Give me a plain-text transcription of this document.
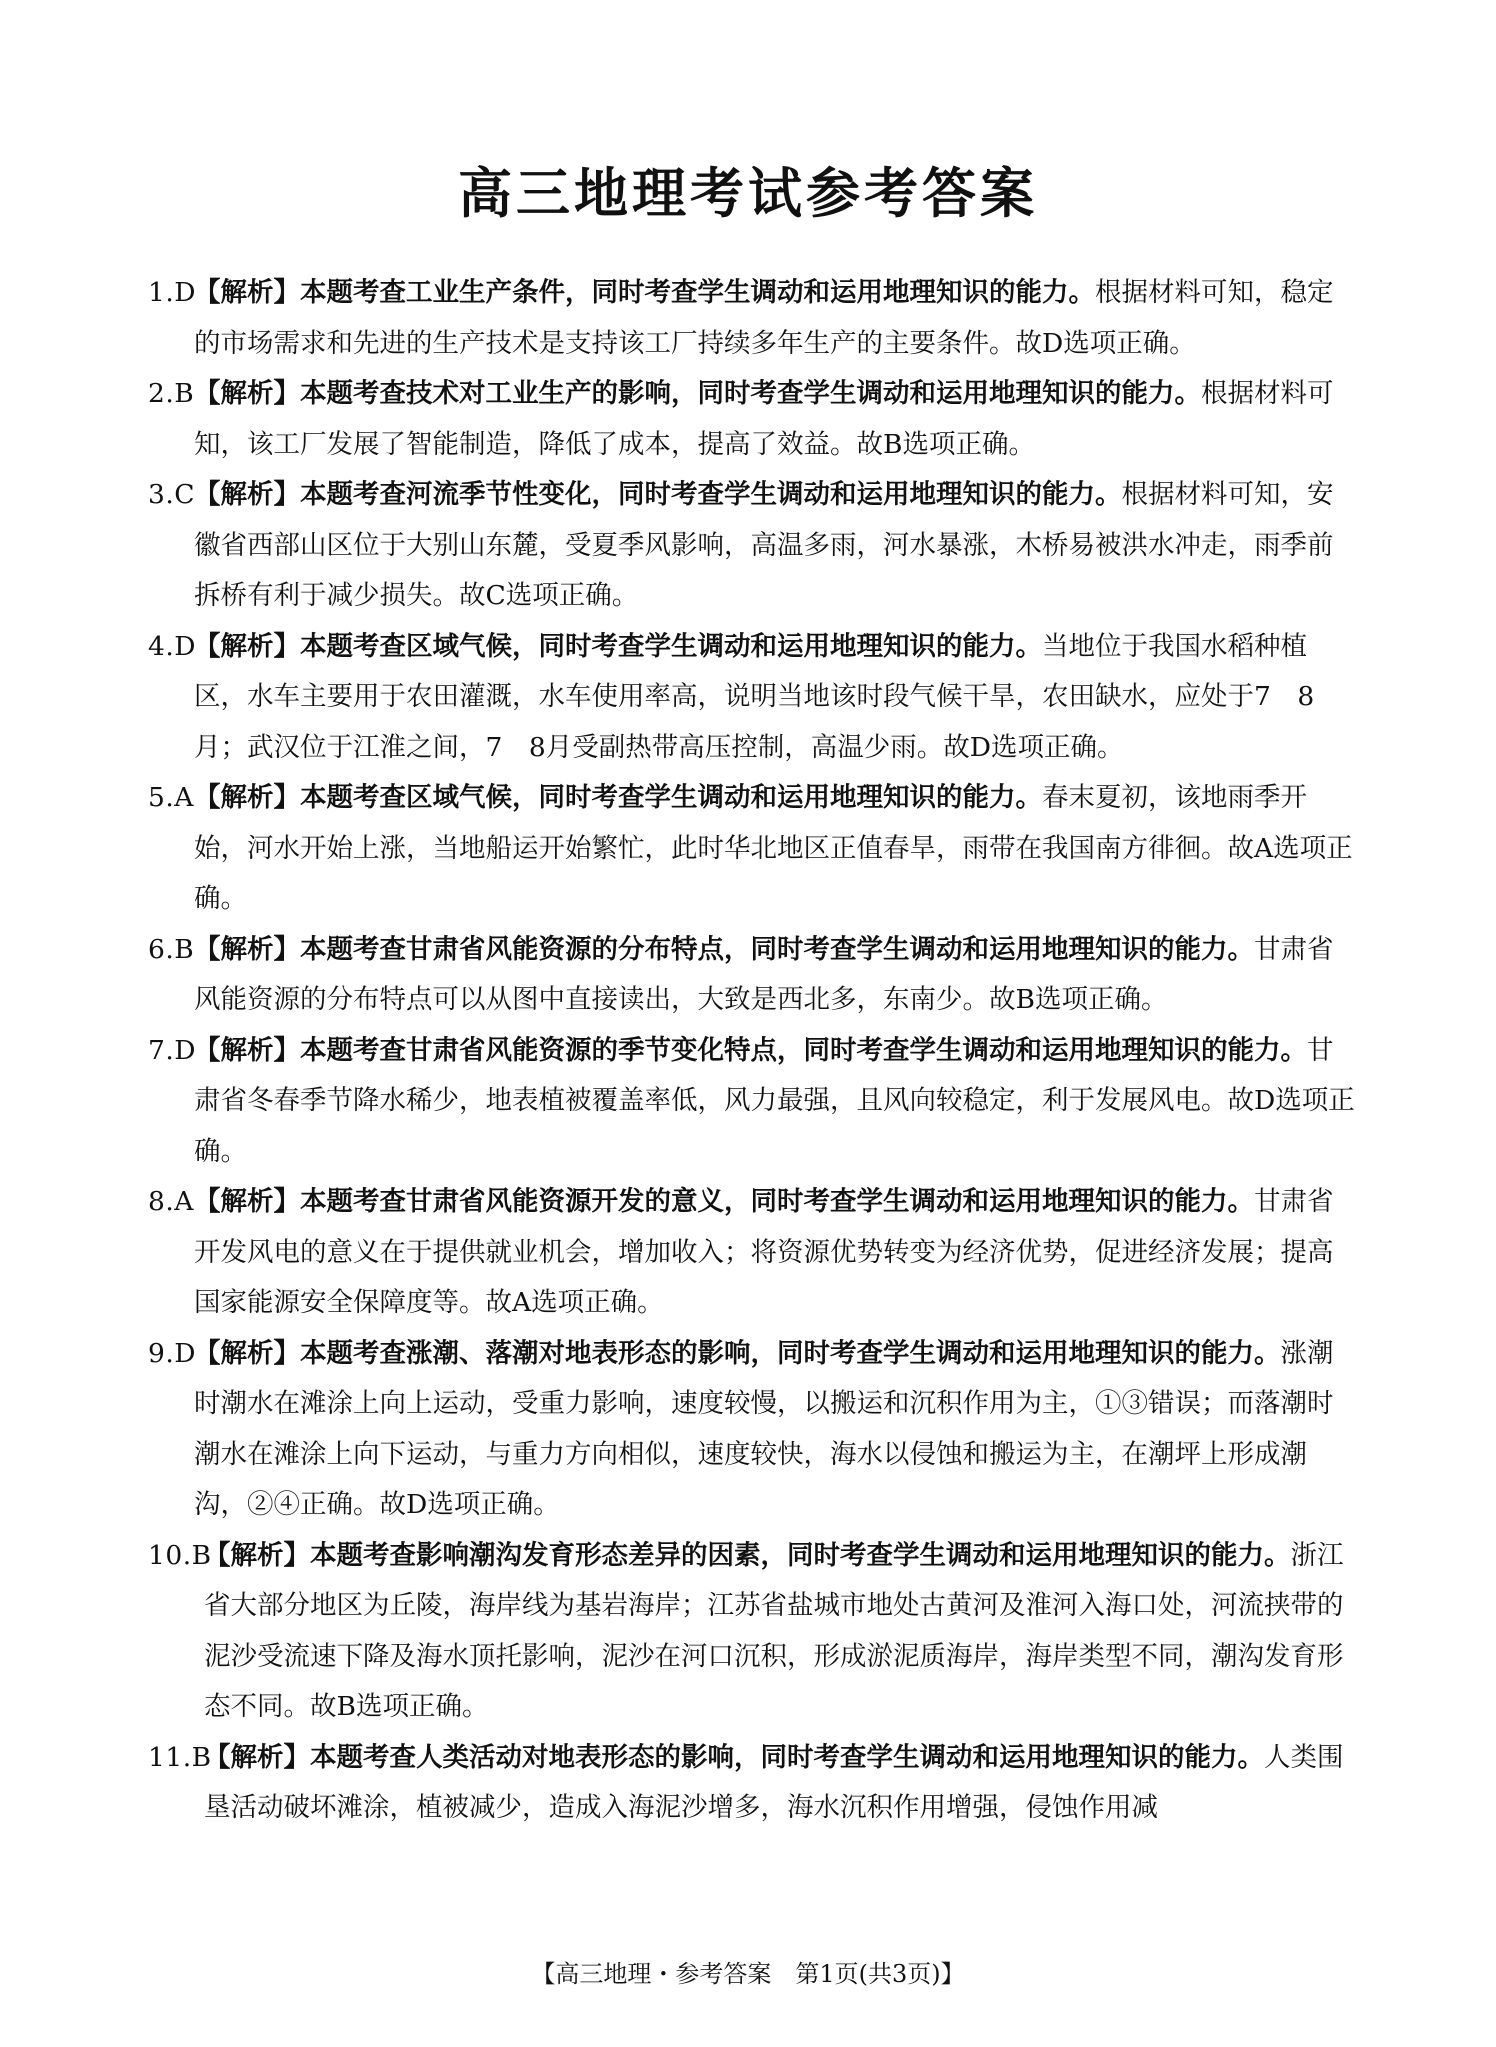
高三地理考试参考答案
1.D
【解析】本题考查工业生产条件，同时考查学生调动和运用地理知识的能力。根据材料可知，稳定的市场需求和先进的生产技术是支持该工厂持续多年生产的主要条件。故D选项正确。
2.B 【解析】本题考查技术对工业生产的影响，同时考查学生调动和运用地理知识的能力。根据材料可知，该工厂发展了智能制造，降低了成本，提高了效益。故B选项正确。
3.C
【解析】本题考查河流季节性变化，同时考查学生调动和运用地理知识的能力。根据材料可知，安徽省西部山区位于大别山东麓，受夏季风影响，高温多雨，河水暴涨，木桥易被洪水冲走，雨季前拆桥有利于减少损失。故C选项正确。
4.D
【解析】本题考查区域气候，同时考查学生调动和运用地理知识的能力。当地位于我国水稻种植区，水车主要用于农田灌溉，水车使用率高，说明当地该时段气候干旱，农田缺水，应处于7　8月；武汉位于江淮之间，7　8月受副热带高压控制，高温少雨。故D选项正确。
5.A 【解析】本题考查区域气候，同时考查学生调动和运用地理知识的能力。春末夏初，该地雨季开始，河水开始上涨，当地船运开始繁忙，此时华北地区正值春旱，雨带在我国南方徘徊。故A选项正确。
6.B 【解析】本题考查甘肃省风能资源的分布特点，同时考查学生调动和运用地理知识的能力。甘肃省风能资源的分布特点可以从图中直接读出，大致是西北多，东南少。故B选项正确。
7.D
【解析】本题考查甘肃省风能资源的季节变化特点，同时考查学生调动和运用地理知识的能力。甘肃省冬春季节降水稀少，地表植被覆盖率低，风力最强，且风向较稳定，利于发展风电。故D选项正确。
8.A 【解析】本题考查甘肃省风能资源开发的意义，同时考查学生调动和运用地理知识的能力。甘肃省开发风电的意义在于提供就业机会，增加收入；将资源优势转变为经济优势，促进经济发展；提高国家能源安全保障度等。故A选项正确。
9.D
【解析】本题考查涨潮、落潮对地表形态的影响，同时考查学生调动和运用地理知识的能力。涨潮时潮水在滩涂上向上运动，受重力影响，速度较慢，以搬运和沉积作用为主，①③错误；而落潮时潮水在滩涂上向下运动，与重力方向相似，速度较快，海水以侵蚀和搬运为主，在潮坪上形成潮沟，②④正确。故D选项正确。
10.B
【解析】本题考查影响潮沟发育形态差异的因素，同时考查学生调动和运用地理知识的能力。浙江省大部分地区为丘陵，海岸线为基岩海岸；江苏省盐城市地处古黄河及淮河入海口处，河流挟带的泥沙受流速下降及海水顶托影响，泥沙在河口沉积，形成淤泥质海岸，海岸类型不同，潮沟发育形态不同。故B选项正确。
11.B
【解析】本题考查人类活动对地表形态的影响，同时考查学生调动和运用地理知识的能力。人类围垦活动破坏滩涂，植被减少，造成入海泥沙增多，海水沉积作用增强，侵蚀作用减
【高三地理・参考答案　第1页(共3页)】
